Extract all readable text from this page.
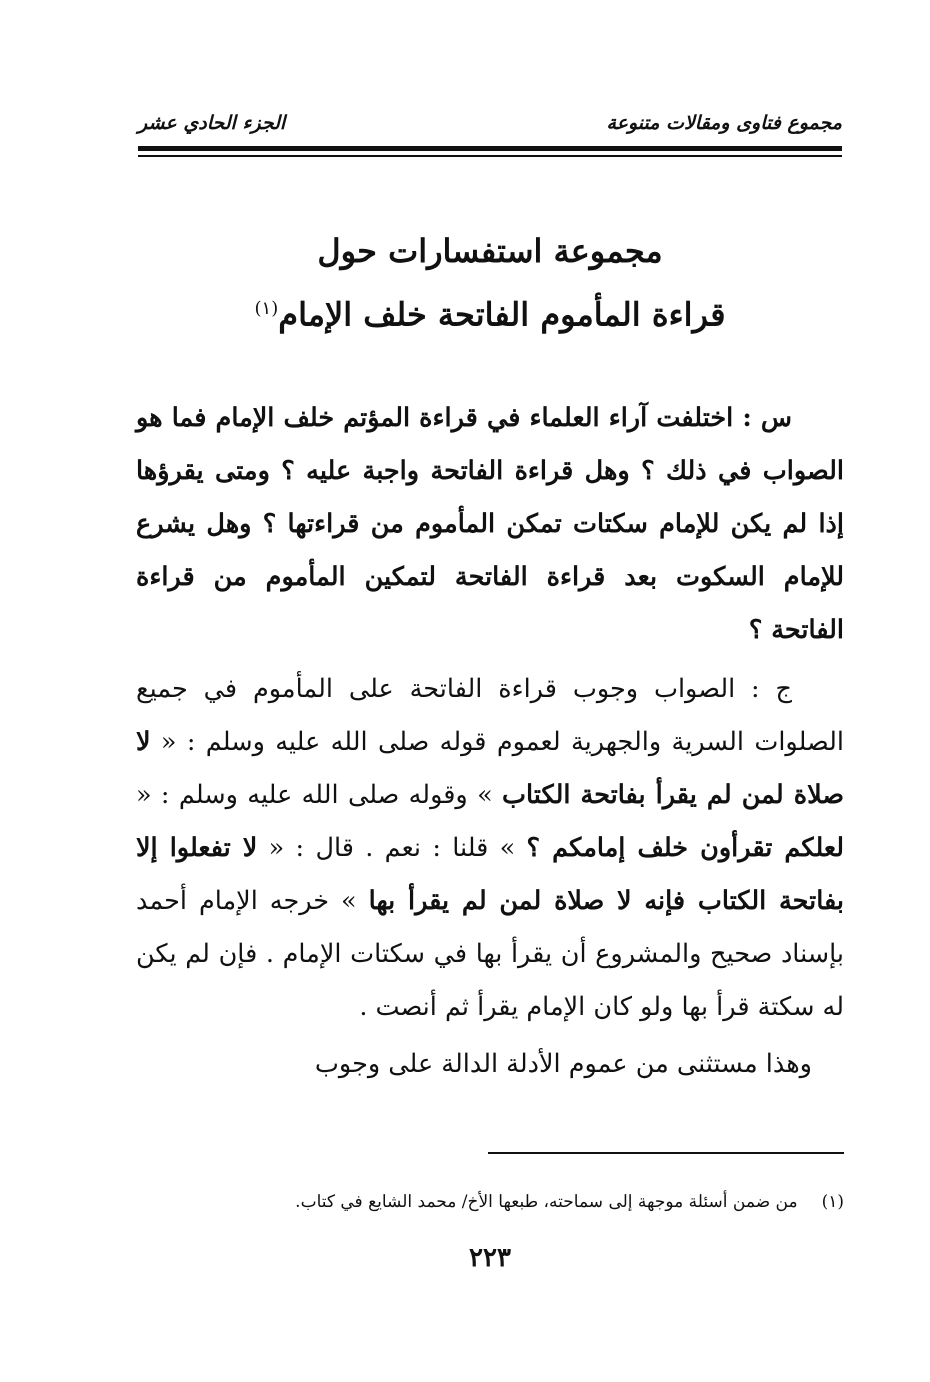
مجموع فتاوى ومقالات متنوعة
الجزء الحادي عشر
مجموعة استفسارات حول
قراءة المأموم الفاتحة خلف الإمام$^{(١)}$

س : اختلفت آراء العلماء في قراءة المؤتم خلف الإمام فما هو الصواب في ذلك ؟ وهل قراءة الفاتحة واجبة عليه ؟ ومتى يقرؤها إذا لم يكن للإمام سكتات تمكن المأموم من قراءتها ؟ وهل يشرع للإمام السكوت بعد قراءة الفاتحة لتمكين المأموم من قراءة الفاتحة ؟

ج : الصواب وجوب قراءة الفاتحة على المأموم في جميع الصلوات السرية والجهرية لعموم قوله صلى الله عليه وسلم : « لا صلاة لمن لم يقرأ بفاتحة الكتاب » وقوله صلى الله عليه وسلم : « لعلكم تقرأون خلف إمامكم ؟ » قلنا : نعم . قال : « لا تفعلوا إلا بفاتحة الكتاب فإنه لا صلاة لمن لم يقرأ بها » خرجه الإمام أحمد بإسناد صحيح والمشروع أن يقرأ بها في سكتات الإمام . فإن لم يكن له سكتة قرأ بها ولو كان الإمام يقرأ ثم أنصت .

وهذا مستثنى من عموم الأدلة الدالة على وجوب

(١)من ضمن أسئلة موجهة إلى سماحته، طبعها الأخ/ محمد الشايع في كتاب.
٢٢٣
